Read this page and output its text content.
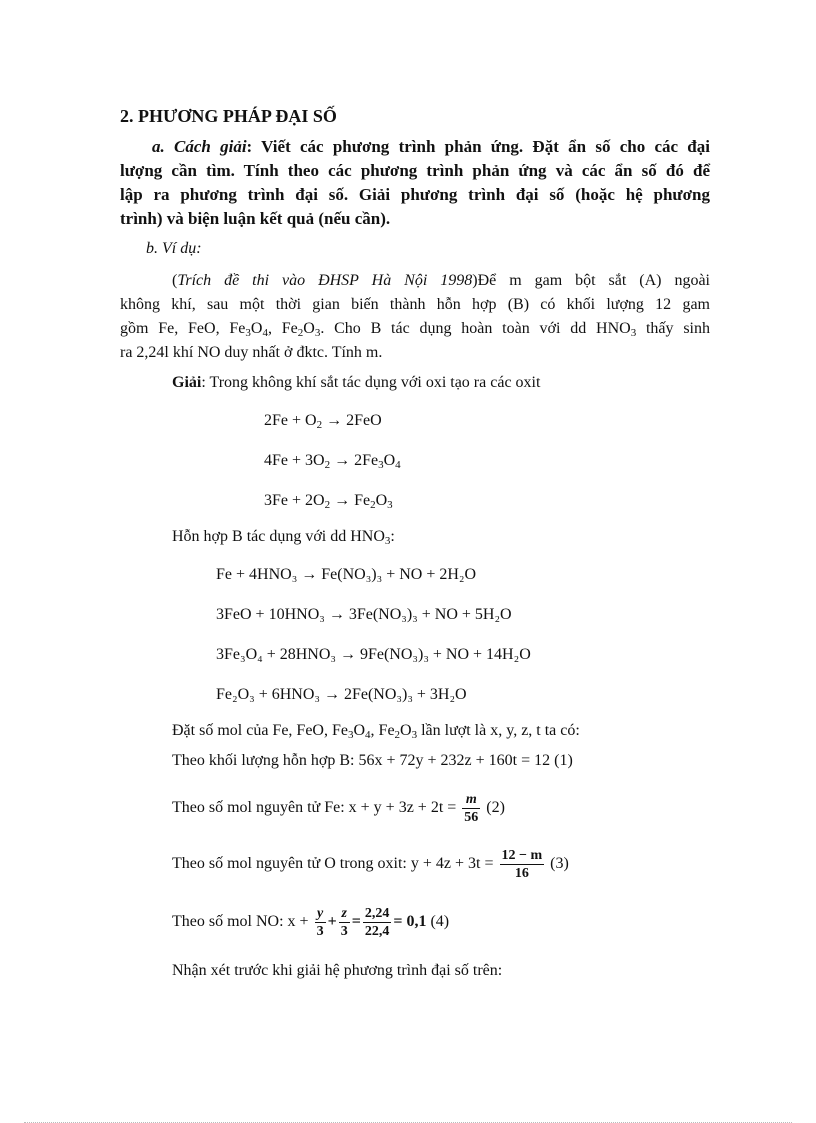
2. PHƯƠNG PHÁP ĐẠI SỐ
a. Cách giải: Viết các phương trình phản ứng. Đặt ẩn số cho các đại
lượng cần tìm. Tính theo các phương trình phản ứng và các ẩn số đó để
lập ra phương trình đại số. Giải phương trình đại số (hoặc hệ phương
trình) và biện luận kết quả (nếu cần).
b. Ví dụ:
(Trích đề thi vào ĐHSP Hà Nội 1998)Để m gam bột sắt (A) ngoài
không khí, sau một thời gian biến thành hỗn hợp (B) có khối lượng 12 gam
gồm Fe, FeO, $Fe_3O_4$, $Fe_2O_3$. Cho B tác dụng hoàn toàn với dd $HNO_3$ thấy sinh
ra 2,24l khí NO duy nhất ở đktc. Tính m.
Giải: Trong không khí sắt tác dụng với oxi tạo ra các oxit
$2Fe + O_2 \to 2FeO$
$4Fe + 3O_2 \to 2Fe_3O_4$
$3Fe + 2O_2 \to Fe_2O_3$
Hỗn hợp B tác dụng với dd $HNO_3$:
Fe + 4HNO₃ → Fe(NO₃)₃ + NO + 2H₂O
3FeO + 10HNO₃ → 3Fe(NO₃)₃ + NO + 5H₂O
3Fe₃O₄ + 28HNO₃ → 9Fe(NO₃)₃ + NO + 14H₂O
Fe₂O₃ + 6HNO₃ → 2Fe(NO₃)₃ + 3H₂O
Đặt số mol của Fe, FeO, $Fe_3O_4$, $Fe_2O_3$ lần lượt là x, y, z, t ta có:
Theo khối lượng hỗn hợp B: 56x + 72y + 232z + 160t = 12 (1)
Theo số mol nguyên tử Fe: $x + y + 3z + 2t = \frac{m}{56} (2)$
Theo số mol nguyên tử O trong oxit: $y + 4z + 3t = \frac{12 - m}{16} (3)$
Theo số mol NO: $x + \frac{y}{3} + \frac{z}{3} = \frac{2,24}{22,4} = 0,1$ (4)
Nhận xét trước khi giải hệ phương trình đại số trên:
